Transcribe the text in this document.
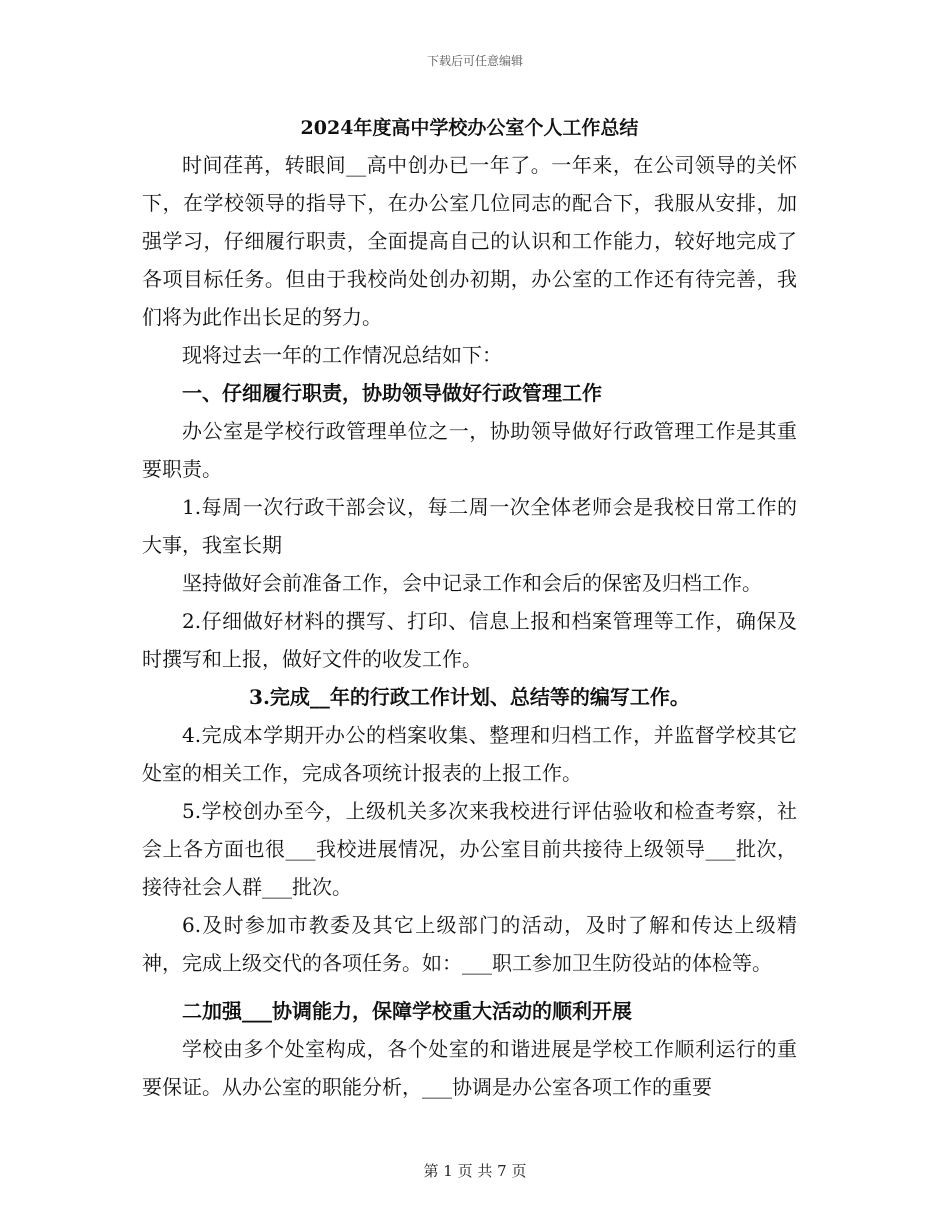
下载后可任意编辑

2024年度高中学校办公室个人工作总结

时间荏苒，转眼间__高中创办已一年了。一年来，在公司领导的关怀下，在学校领导的指导下，在办公室几位同志的配合下，我服从安排，加强学习，仔细履行职责，全面提高自己的认识和工作能力，较好地完成了各项目标任务。但由于我校尚处创办初期，办公室的工作还有待完善，我们将为此作出长足的努力。

现将过去一年的工作情况总结如下：

一、仔细履行职责，协助领导做好行政管理工作

办公室是学校行政管理单位之一，协助领导做好行政管理工作是其重要职责。

1.每周一次行政干部会议，每二周一次全体老师会是我校日常工作的大事，我室长期

坚持做好会前准备工作，会中记录工作和会后的保密及归档工作。

2.仔细做好材料的撰写、打印、信息上报和档案管理等工作，确保及时撰写和上报，做好文件的收发工作。

3.完成__年的行政工作计划、总结等的编写工作。

4.完成本学期开办公的档案收集、整理和归档工作，并监督学校其它处室的相关工作，完成各项统计报表的上报工作。

5.学校创办至今，上级机关多次来我校进行评估验收和检查考察，社会上各方面也很___我校进展情况，办公室目前共接待上级领导___批次，接待社会人群___批次。

6.及时参加市教委及其它上级部门的活动，及时了解和传达上级精神，完成上级交代的各项任务。如：___职工参加卫生防役站的体检等。

二加强___协调能力，保障学校重大活动的顺利开展

学校由多个处室构成，各个处室的和谐进展是学校工作顺利运行的重要保证。从办公室的职能分析，___协调是办公室各项工作的重要

第 1 页 共 7 页
